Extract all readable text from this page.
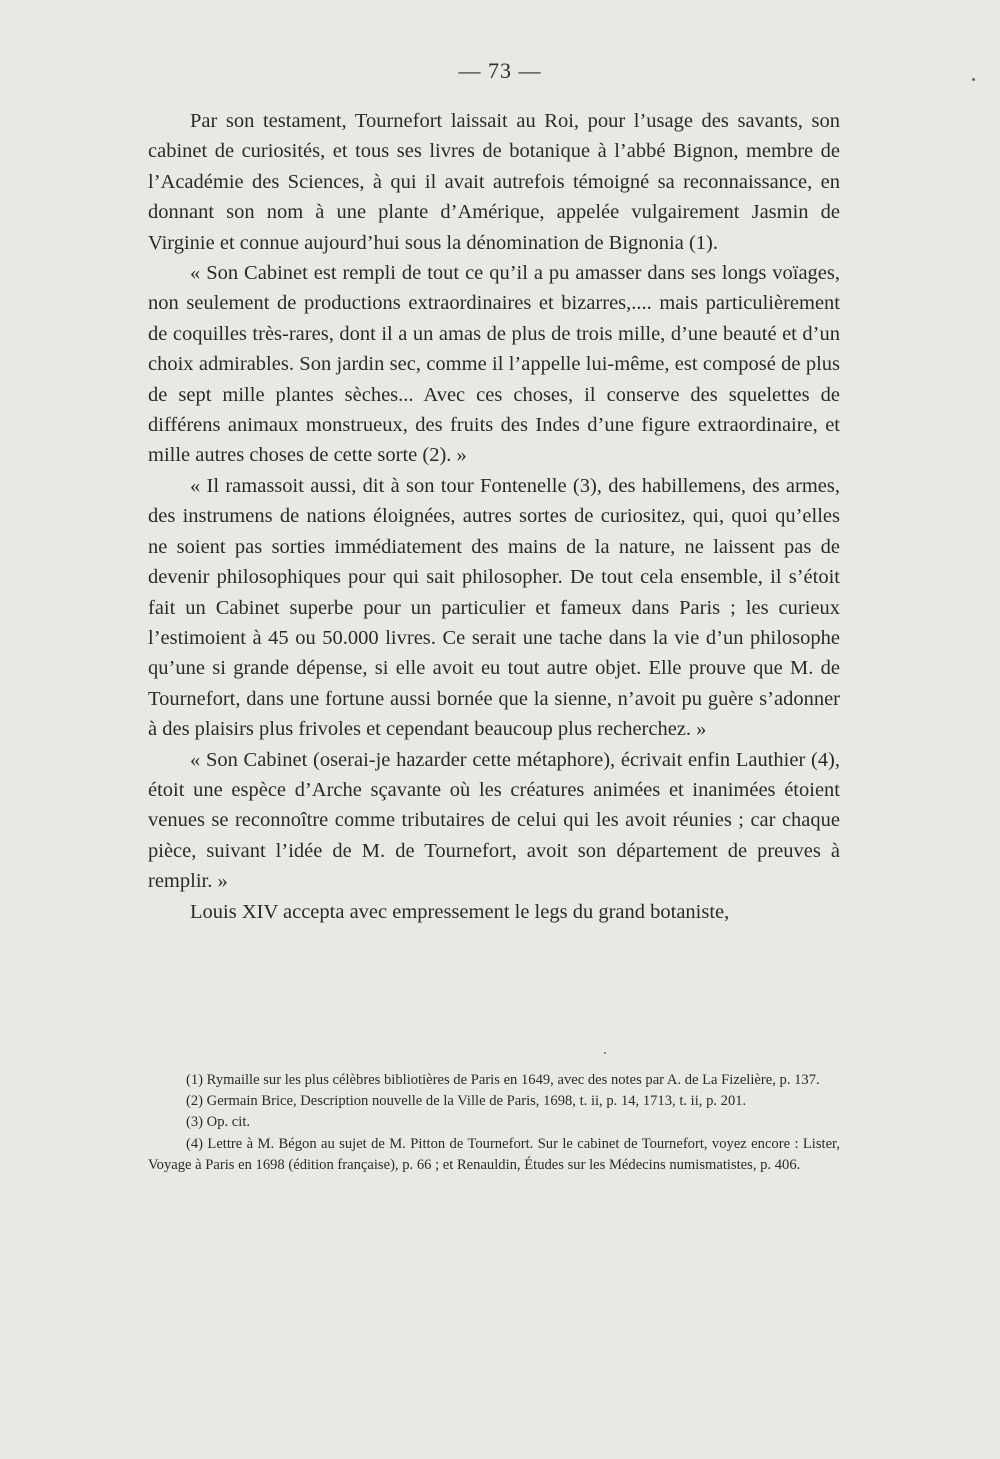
— 73 —

Par son testament, Tournefort laissait au Roi, pour l’usage des savants, son cabinet de curiosités, et tous ses livres de botanique à l’abbé Bignon, membre de l’Académie des Sciences, à qui il avait autrefois témoigné sa reconnaissance, en donnant son nom à une plante d’Amérique, appelée vulgairement Jasmin de Virginie et connue aujourd’hui sous la dénomination de Bignonia (1).

« Son Cabinet est rempli de tout ce qu’il a pu amasser dans ses longs voïages, non seulement de productions extraordinaires et bizarres,.... mais particulièrement de coquilles très-rares, dont il a un amas de plus de trois mille, d’une beauté et d’un choix admirables. Son jardin sec, comme il l’appelle lui-même, est composé de plus de sept mille plantes sèches... Avec ces choses, il conserve des squelettes de différens animaux monstrueux, des fruits des Indes d’une figure extraordinaire, et mille autres choses de cette sorte (2). »

« Il ramassoit aussi, dit à son tour Fontenelle (3), des habillemens, des armes, des instrumens de nations éloignées, autres sortes de curiositez, qui, quoi qu’elles ne soient pas sorties immédiatement des mains de la nature, ne laissent pas de devenir philosophiques pour qui sait philosopher. De tout cela ensemble, il s’étoit fait un Cabinet superbe pour un particulier et fameux dans Paris ; les curieux l’estimoient à 45 ou 50.000 livres. Ce serait une tache dans la vie d’un philosophe qu’une si grande dépense, si elle avoit eu tout autre objet. Elle prouve que M. de Tournefort, dans une fortune aussi bornée que la sienne, n’avoit pu guère s’adonner à des plaisirs plus frivoles et cependant beaucoup plus recherchez. »

« Son Cabinet (oserai-je hazarder cette métaphore), écrivait enfin Lauthier (4), étoit une espèce d’Arche sçavante où les créatures animées et inanimées étoient venues se reconnoître comme tributaires de celui qui les avoit réunies ; car chaque pièce, suivant l’idée de M. de Tournefort, avoit son département de preuves à remplir. »

Louis XIV accepta avec empressement le legs du grand botaniste,

(1) Rymaille sur les plus célèbres bibliotières de Paris en 1649, avec des notes par A. de La Fizelière, p. 137.

(2) Germain Brice, Description nouvelle de la Ville de Paris, 1698, t. ii, p. 14, 1713, t. ii, p. 201.

(3) Op. cit.

(4) Lettre à M. Bégon au sujet de M. Pitton de Tournefort. Sur le cabinet de Tournefort, voyez encore : Lister, Voyage à Paris en 1698 (édition française), p. 66 ; et Renauldin, Études sur les Médecins numismatistes, p. 406.
